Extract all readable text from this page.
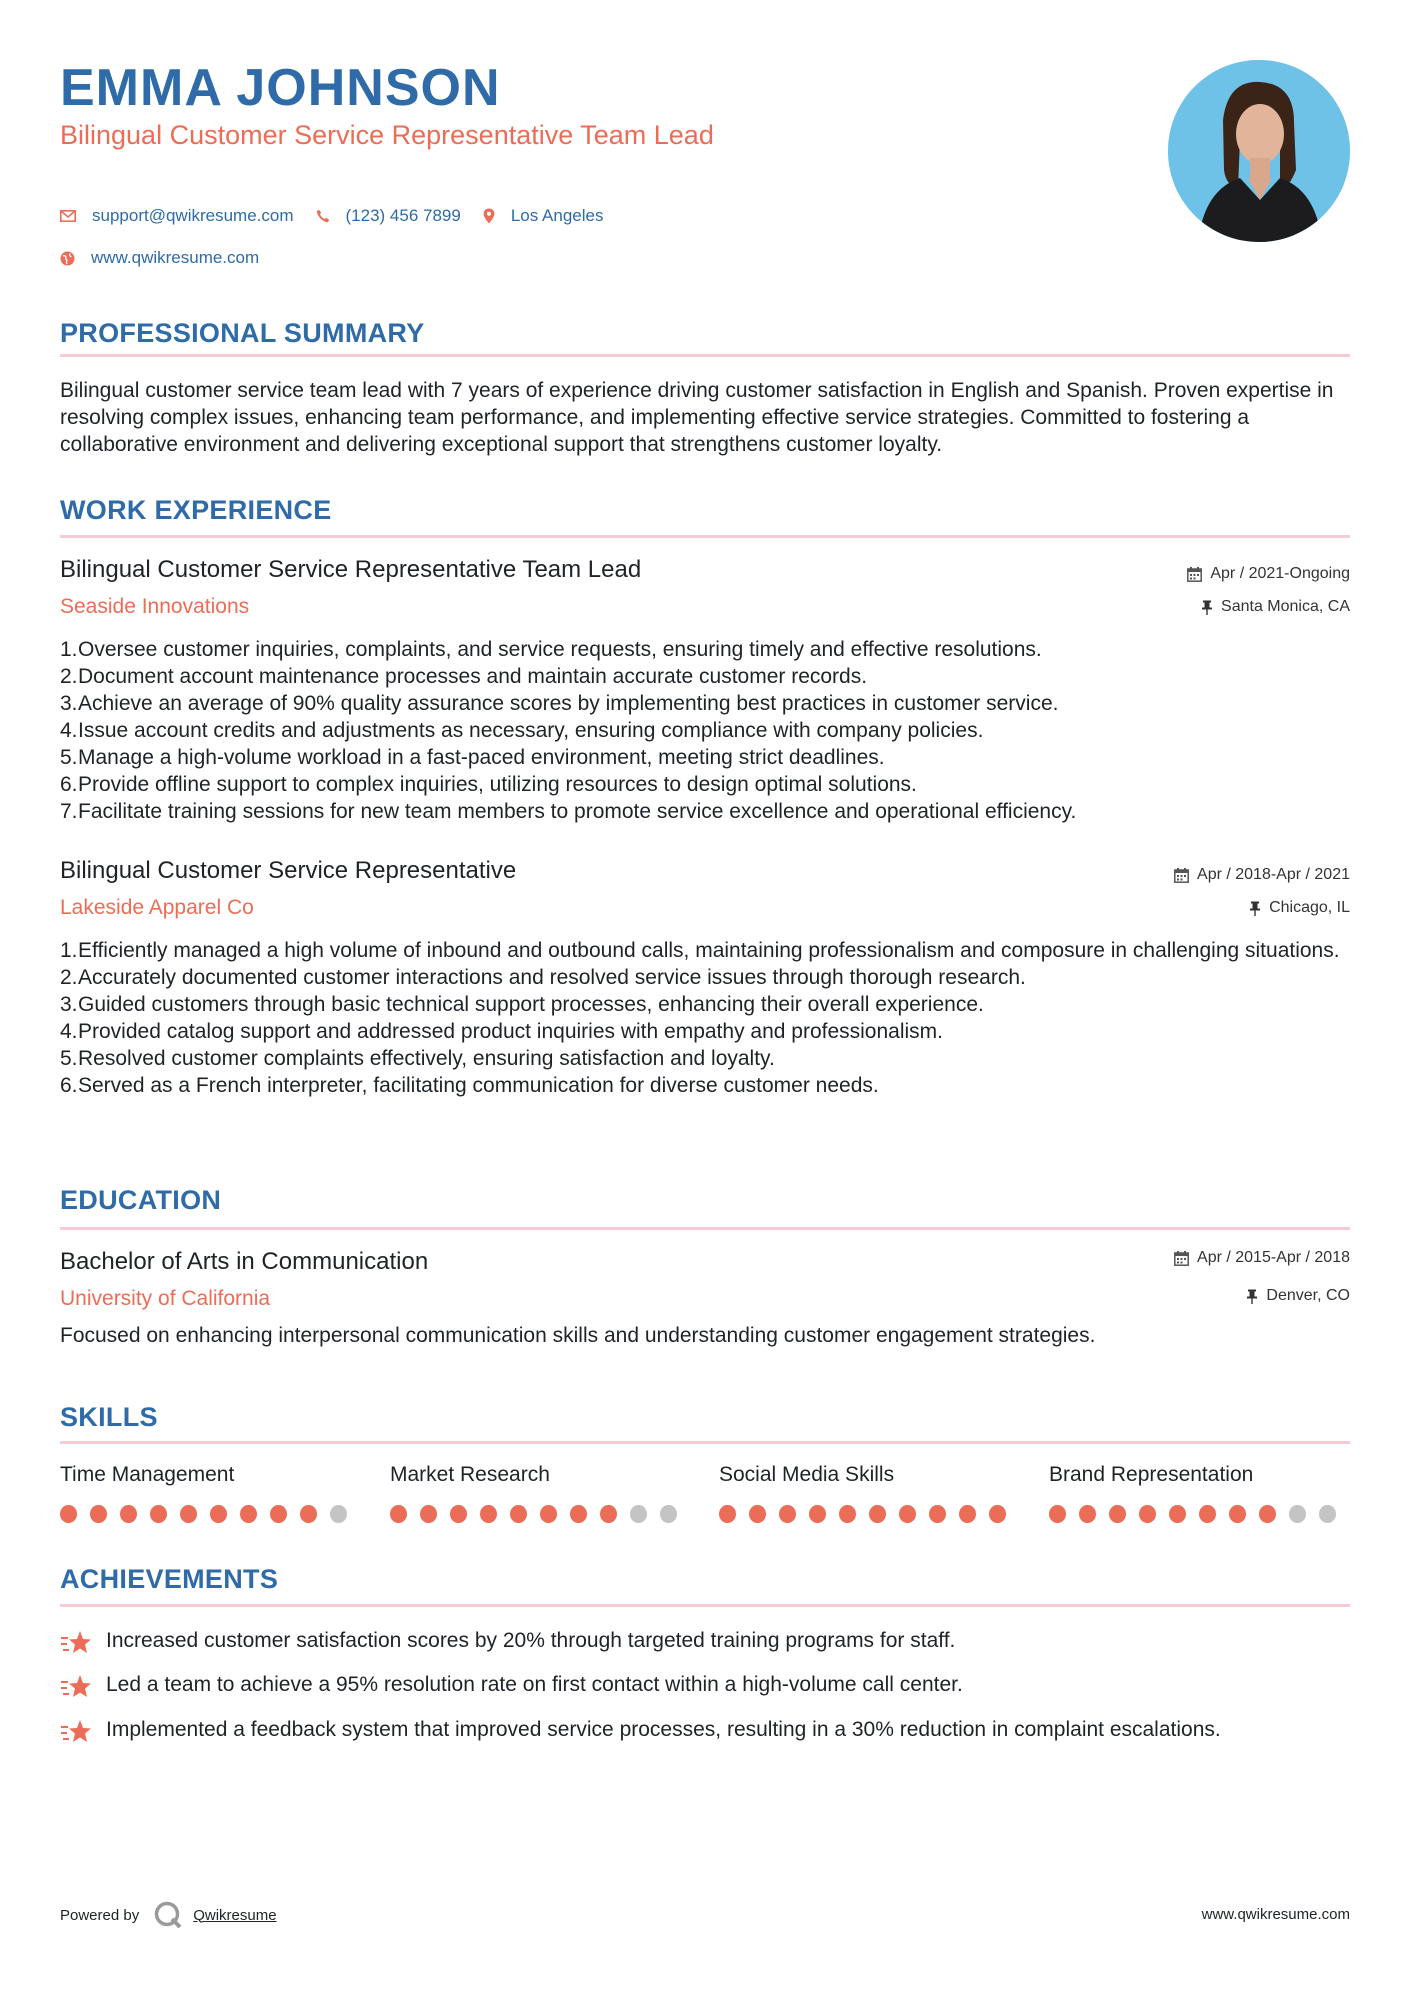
EMMA JOHNSON
Bilingual Customer Service Representative Team Lead
support@qwikresume.com	(123) 456 7899	Los Angeles
www.qwikresume.com
PROFESSIONAL SUMMARY
Bilingual customer service team lead with 7 years of experience driving customer satisfaction in English and Spanish. Proven expertise in resolving complex issues, enhancing team performance, and implementing effective service strategies. Committed to fostering a collaborative environment and delivering exceptional support that strengthens customer loyalty.
WORK EXPERIENCE
Bilingual Customer Service Representative Team Lead
Seaside Innovations
Apr / 2021-Ongoing
Santa Monica, CA
1. Oversee customer inquiries, complaints, and service requests, ensuring timely and effective resolutions.
2. Document account maintenance processes and maintain accurate customer records.
3. Achieve an average of 90% quality assurance scores by implementing best practices in customer service.
4. Issue account credits and adjustments as necessary, ensuring compliance with company policies.
5. Manage a high-volume workload in a fast-paced environment, meeting strict deadlines.
6. Provide offline support to complex inquiries, utilizing resources to design optimal solutions.
7. Facilitate training sessions for new team members to promote service excellence and operational efficiency.
Bilingual Customer Service Representative
Lakeside Apparel Co
Apr / 2018-Apr / 2021
Chicago, IL
1. Efficiently managed a high volume of inbound and outbound calls, maintaining professionalism and composure in challenging situations.
2. Accurately documented customer interactions and resolved service issues through thorough research.
3. Guided customers through basic technical support processes, enhancing their overall experience.
4. Provided catalog support and addressed product inquiries with empathy and professionalism.
5. Resolved customer complaints effectively, ensuring satisfaction and loyalty.
6. Served as a French interpreter, facilitating communication for diverse customer needs.
EDUCATION
Bachelor of Arts in Communication
University of California
Apr / 2015-Apr / 2018
Denver, CO
Focused on enhancing interpersonal communication skills and understanding customer engagement strategies.
SKILLS
Time Management	Market Research	Social Media Skills	Brand Representation
ACHIEVEMENTS
Increased customer satisfaction scores by 20% through targeted training programs for staff.
Led a team to achieve a 95% resolution rate on first contact within a high-volume call center.
Implemented a feedback system that improved service processes, resulting in a 30% reduction in complaint escalations.
Powered by	Qwikresume	www.qwikresume.com
